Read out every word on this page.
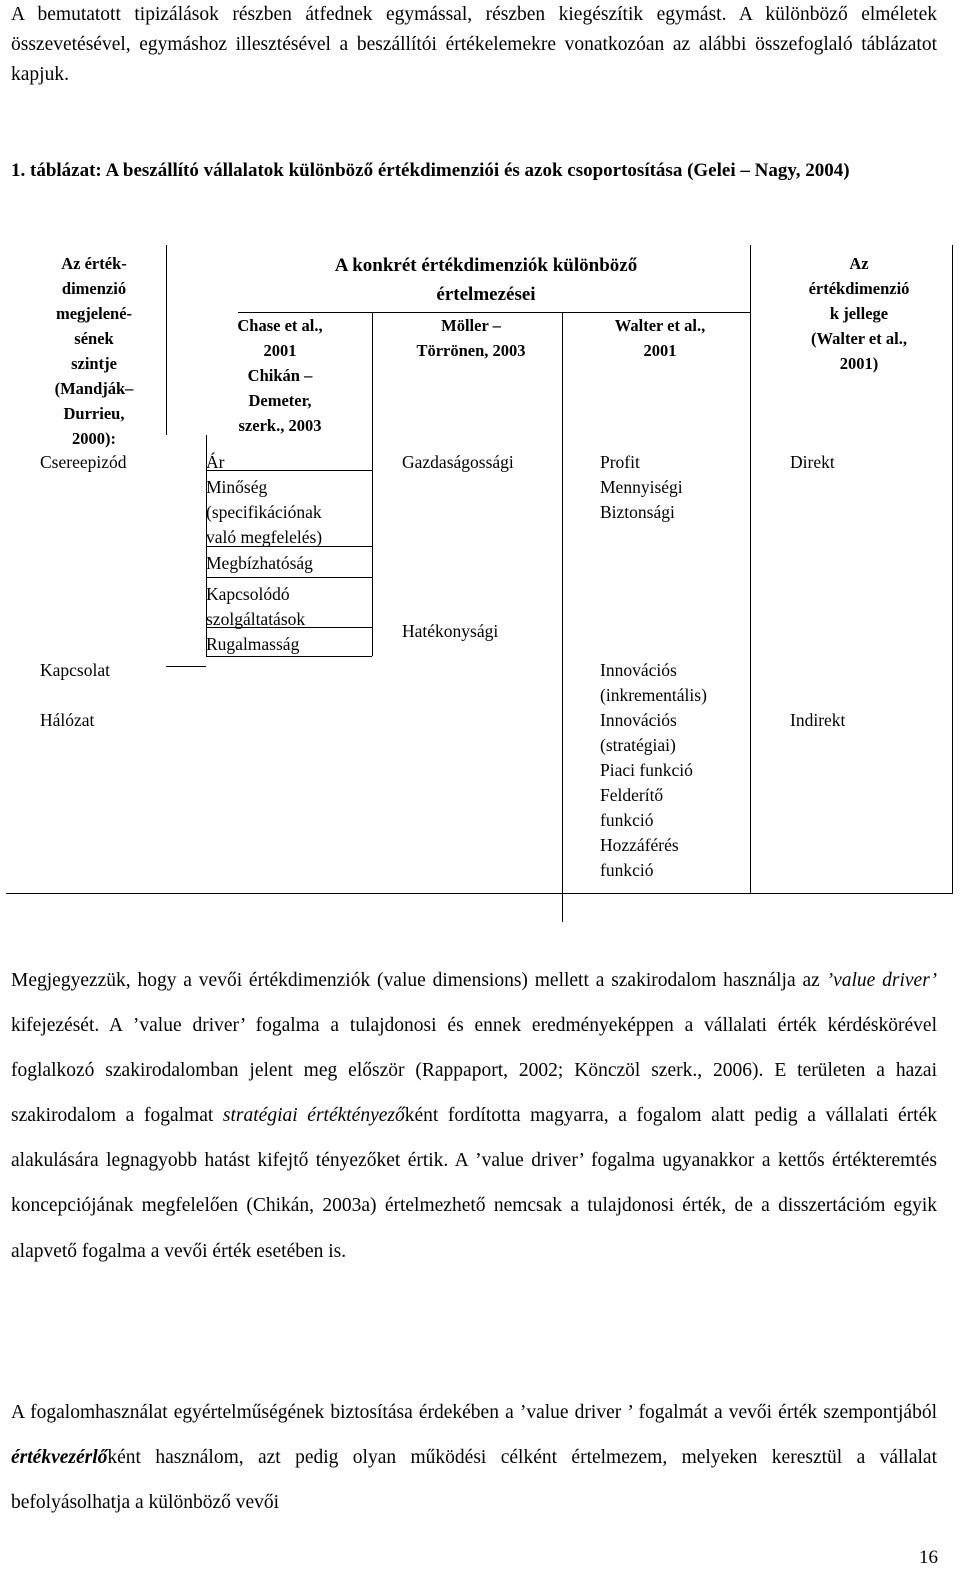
A bemutatott tipizálások részben átfednek egymással, részben kiegészítik egymást. A különböző elméletek összevetésével, egymáshoz illesztésével a beszállítói értékelemekre vonatkozóan az alábbi összefoglaló táblázatot kapjuk.

1. táblázat: A beszállító vállalatok különböző értékdimenziói és azok csoportosítása (Gelei – Nagy, 2004)

Az érték-
dimenzió
megjelené-
sének
szintje
(Mandják–
Durrieu,
2000):
A konkrét értékdimenziók különböző
értelmezései
Chase et al.,
2001
Chikán –
Demeter,
szerk., 2003
Möller –
Törrönen, 2003
Walter et al.,
2001
Az
értékdimenzió
k jellege
(Walter et al.,
2001)
Csereepizód
Kapcsolat
Hálózat
Ár
Minőség
(specifikációnak
való megfelelés)
Megbízhatóság
Kapcsolódó
szolgáltatások
Rugalmasság
Gazdaságossági
Hatékonysági
Profit
Mennyiségi
Biztonsági
Innovációs
(inkrementális)
Innovációs
(stratégiai)
Piaci funkció
Felderítő
funkció
Hozzáférés
funkció
Direkt
Indirekt

Megjegyezzük, hogy a vevői értékdimenziók (value dimensions) mellett a szakirodalom használja az ’value driver’ kifejezését. A ’value driver’ fogalma a tulajdonosi és ennek eredményeképpen a vállalati érték kérdéskörével foglalkozó szakirodalomban jelent meg először (Rappaport, 2002; Könczöl szerk., 2006). E területen a hazai szakirodalom a fogalmat stratégiai értéktényezőként fordította magyarra, a fogalom alatt pedig a vállalati érték alakulására legnagyobb hatást kifejtő tényezőket értik. A ’value driver’ fogalma ugyanakkor a kettős értékteremtés koncepciójának megfelelően (Chikán, 2003a) értelmezhető nemcsak a tulajdonosi érték, de a disszertációm egyik alapvető fogalma a vevői érték esetében is.

A fogalomhasználat egyértelműségének biztosítása érdekében a ’value driver ’ fogalmát a vevői érték szempontjából értékvezérlőként használom, azt pedig olyan működési célként értelmezem, melyeken keresztül a vállalat befolyásolhatja a különböző vevői

16
